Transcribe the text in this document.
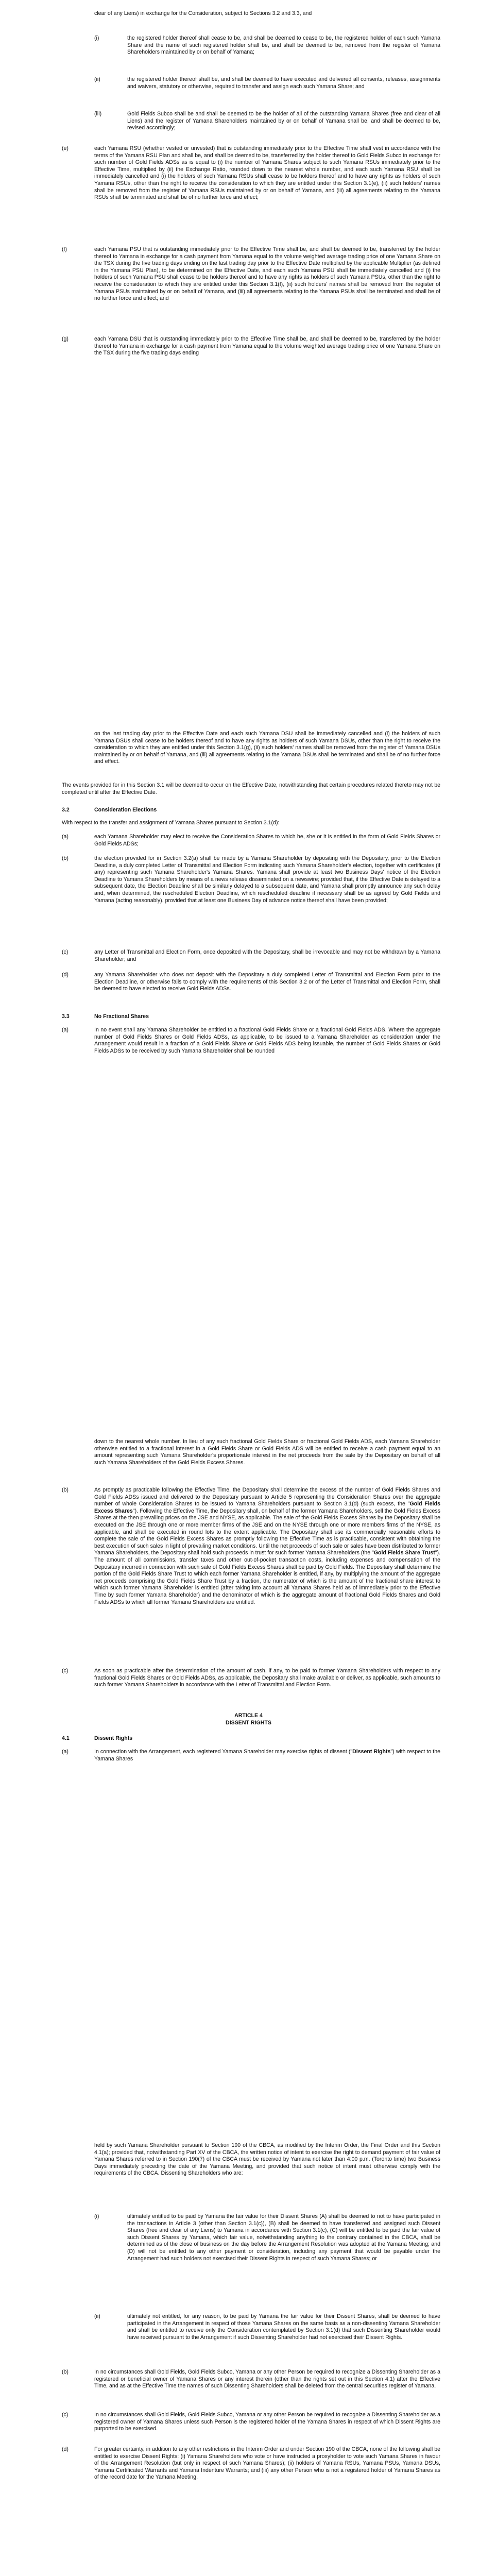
clear of any Liens) in exchange for the Consideration, subject to Sections 3.2 and 3.3, and
(i)	the registered holder thereof shall cease to be, and shall be deemed to cease to be, the registered holder of each such Yamana Share and the name of such registered holder shall be, and shall be deemed to be, removed from the register of Yamana Shareholders maintained by or on behalf of Yamana;
(ii)	the registered holder thereof shall be, and shall be deemed to have executed and delivered all consents, releases, assignments and waivers, statutory or otherwise, required to transfer and assign each such Yamana Share; and
(iii)	Gold Fields Subco shall be and shall be deemed to be the holder of all of the outstanding Yamana Shares (free and clear of all Liens) and the register of Yamana Shareholders maintained by or on behalf of Yamana shall be, and shall be deemed to be, revised accordingly;
(e)	each Yamana RSU (whether vested or unvested) that is outstanding immediately prior to the Effective Time shall vest in accordance with the terms of the Yamana RSU Plan and shall be, and shall be deemed to be, transferred by the holder thereof to Gold Fields Subco in exchange for such number of Gold Fields ADSs as is equal to (i) the number of Yamana Shares subject to such Yamana RSUs immediately prior to the Effective Time, multiplied by (ii) the Exchange Ratio, rounded down to the nearest whole number, and each such Yamana RSU shall be immediately cancelled and (i) the holders of such Yamana RSUs shall cease to be holders thereof and to have any rights as holders of such Yamana RSUs, other than the right to receive the consideration to which they are entitled under this Section 3.1(e), (ii) such holders' names shall be removed from the register of Yamana RSUs maintained by or on behalf of Yamana, and (iii) all agreements relating to the Yamana RSUs shall be terminated and shall be of no further force and effect;
(f)	each Yamana PSU that is outstanding immediately prior to the Effective Time shall be, and shall be deemed to be, transferred by the holder thereof to Yamana in exchange for a cash payment from Yamana equal to the volume weighted average trading price of one Yamana Share on the TSX during the five trading days ending on the last trading day prior to the Effective Date multiplied by the applicable Multiplier (as defined in the Yamana PSU Plan), to be determined on the Effective Date, and each such Yamana PSU shall be immediately cancelled and (i) the holders of such Yamana PSU shall cease to be holders thereof and to have any rights as holders of such Yamana PSUs, other than the right to receive the consideration to which they are entitled under this Section 3.1(f), (ii) such holders' names shall be removed from the register of Yamana PSUs maintained by or on behalf of Yamana, and (iii) all agreements relating to the Yamana PSUs shall be terminated and shall be of no further force and effect; and
(g)	each Yamana DSU that is outstanding immediately prior to the Effective Time shall be, and shall be deemed to be, transferred by the holder thereof to Yamana in exchange for a cash payment from Yamana equal to the volume weighted average trading price of one Yamana Share on the TSX during the five trading days ending
on the last trading day prior to the Effective Date and each such Yamana DSU shall be immediately cancelled and (i) the holders of such Yamana DSUs shall cease to be holders thereof and to have any rights as holders of such Yamana DSUs, other than the right to receive the consideration to which they are entitled under this Section 3.1(g), (ii) such holders' names shall be removed from the register of Yamana DSUs maintained by or on behalf of Yamana, and (iii) all agreements relating to the Yamana DSUs shall be terminated and shall be of no further force and effect.
The events provided for in this Section 3.1 will be deemed to occur on the Effective Date, notwithstanding that certain procedures related thereto may not be completed until after the Effective Date.
3.2	Consideration Elections
With respect to the transfer and assignment of Yamana Shares pursuant to Section 3.1(d):
(a)	each Yamana Shareholder may elect to receive the Consideration Shares to which he, she or it is entitled in the form of Gold Fields Shares or Gold Fields ADSs;
(b)	the election provided for in Section 3.2(a) shall be made by a Yamana Shareholder by depositing with the Depositary, prior to the Election Deadline, a duly completed Letter of Transmittal and Election Form indicating such Yamana Shareholder's election, together with certificates (if any) representing such Yamana Shareholder's Yamana Shares. Yamana shall provide at least two Business Days' notice of the Election Deadline to Yamana Shareholders by means of a news release disseminated on a newswire; provided that, if the Effective Date is delayed to a subsequent date, the Election Deadline shall be similarly delayed to a subsequent date, and Yamana shall promptly announce any such delay and, when determined, the rescheduled Election Deadline, which rescheduled deadline if necessary shall be as agreed by Gold Fields and Yamana (acting reasonably), provided that at least one Business Day of advance notice thereof shall have been provided;
(c)	any Letter of Transmittal and Election Form, once deposited with the Depositary, shall be irrevocable and may not be withdrawn by a Yamana Shareholder; and
(d)	any Yamana Shareholder who does not deposit with the Depositary a duly completed Letter of Transmittal and Election Form prior to the Election Deadline, or otherwise fails to comply with the requirements of this Section 3.2 or of the Letter of Transmittal and Election Form, shall be deemed to have elected to receive Gold Fields ADSs.
3.3	No Fractional Shares
(a)	In no event shall any Yamana Shareholder be entitled to a fractional Gold Fields Share or a fractional Gold Fields ADS. Where the aggregate number of Gold Fields Shares or Gold Fields ADSs, as applicable, to be issued to a Yamana Shareholder as consideration under the Arrangement would result in a fraction of a Gold Fields Share or Gold Fields ADS being issuable, the number of Gold Fields Shares or Gold Fields ADSs to be received by such Yamana Shareholder shall be rounded
down to the nearest whole number. In lieu of any such fractional Gold Fields Share or fractional Gold Fields ADS, each Yamana Shareholder otherwise entitled to a fractional interest in a Gold Fields Share or Gold Fields ADS will be entitled to receive a cash payment equal to an amount representing such Yamana Shareholder's proportionate interest in the net proceeds from the sale by the Depositary on behalf of all such Yamana Shareholders of the Gold Fields Excess Shares.
(b)	As promptly as practicable following the Effective Time, the Depositary shall determine the excess of the number of Gold Fields Shares and Gold Fields ADSs issued and delivered to the Depositary pursuant to Article 5 representing the Consideration Shares over the aggregate number of whole Consideration Shares to be issued to Yamana Shareholders pursuant to Section 3.1(d) (such excess, the "Gold Fields Excess Shares"). Following the Effective Time, the Depositary shall, on behalf of the former Yamana Shareholders, sell the Gold Fields Excess Shares at the then prevailing prices on the JSE and NYSE, as applicable. The sale of the Gold Fields Excess Shares by the Depositary shall be executed on the JSE through one or more member firms of the JSE and on the NYSE through one or more members firms of the NYSE, as applicable, and shall be executed in round lots to the extent applicable. The Depositary shall use its commercially reasonable efforts to complete the sale of the Gold Fields Excess Shares as promptly following the Effective Time as is practicable, consistent with obtaining the best execution of such sales in light of prevailing market conditions. Until the net proceeds of such sale or sales have been distributed to former Yamana Shareholders, the Depositary shall hold such proceeds in trust for such former Yamana Shareholders (the "Gold Fields Share Trust"). The amount of all commissions, transfer taxes and other out-of-pocket transaction costs, including expenses and compensation of the Depositary incurred in connection with such sale of Gold Fields Excess Shares shall be paid by Gold Fields. The Depositary shall determine the portion of the Gold Fields Share Trust to which each former Yamana Shareholder is entitled, if any, by multiplying the amount of the aggregate net proceeds comprising the Gold Fields Share Trust by a fraction, the numerator of which is the amount of the fractional share interest to which such former Yamana Shareholder is entitled (after taking into account all Yamana Shares held as of immediately prior to the Effective Time by such former Yamana Shareholder) and the denominator of which is the aggregate amount of fractional Gold Fields Shares and Gold Fields ADSs to which all former Yamana Shareholders are entitled.
(c)	As soon as practicable after the determination of the amount of cash, if any, to be paid to former Yamana Shareholders with respect to any fractional Gold Fields Shares or Gold Fields ADSs, as applicable, the Depositary shall make available or deliver, as applicable, such amounts to such former Yamana Shareholders in accordance with the Letter of Transmittal and Election Form.
ARTICLE 4
DISSENT RIGHTS
4.1	Dissent Rights
(a)	In connection with the Arrangement, each registered Yamana Shareholder may exercise rights of dissent ("Dissent Rights") with respect to the Yamana Shares
held by such Yamana Shareholder pursuant to Section 190 of the CBCA, as modified by the Interim Order, the Final Order and this Section 4.1(a); provided that, notwithstanding Part XV of the CBCA, the written notice of intent to exercise the right to demand payment of fair value of Yamana Shares referred to in Section 190(7) of the CBCA must be received by Yamana not later than 4:00 p.m. (Toronto time) two Business Days immediately preceding the date of the Yamana Meeting, and provided that such notice of intent must otherwise comply with the requirements of the CBCA. Dissenting Shareholders who are:
(i)	ultimately entitled to be paid by Yamana the fair value for their Dissent Shares (A) shall be deemed to not to have participated in the transactions in Article 3 (other than Section 3.1(c)), (B) shall be deemed to have transferred and assigned such Dissent Shares (free and clear of any Liens) to Yamana in accordance with Section 3.1(c), (C) will be entitled to be paid the fair value of such Dissent Shares by Yamana, which fair value, notwithstanding anything to the contrary contained in the CBCA, shall be determined as of the close of business on the day before the Arrangement Resolution was adopted at the Yamana Meeting; and (D) will not be entitled to any other payment or consideration, including any payment that would be payable under the Arrangement had such holders not exercised their Dissent Rights in respect of such Yamana Shares; or
(ii)	ultimately not entitled, for any reason, to be paid by Yamana the fair value for their Dissent Shares, shall be deemed to have participated in the Arrangement in respect of those Yamana Shares on the same basis as a non-dissenting Yamana Shareholder and shall be entitled to receive only the Consideration contemplated by Section 3.1(d) that such Dissenting Shareholder would have received pursuant to the Arrangement if such Dissenting Shareholder had not exercised their Dissent Rights.
(b)	In no circumstances shall Gold Fields, Gold Fields Subco, Yamana or any other Person be required to recognize a Dissenting Shareholder as a registered or beneficial owner of Yamana Shares or any interest therein (other than the rights set out in this Section 4.1) after the Effective Time, and as at the Effective Time the names of such Dissenting Shareholders shall be deleted from the central securities register of Yamana.
(c)	In no circumstances shall Gold Fields, Gold Fields Subco, Yamana or any other Person be required to recognize a Dissenting Shareholder as a registered owner of Yamana Shares unless such Person is the registered holder of the Yamana Shares in respect of which Dissent Rights are purported to be exercised.
(d)	For greater certainty, in addition to any other restrictions in the Interim Order and under Section 190 of the CBCA, none of the following shall be entitled to exercise Dissent Rights: (i) Yamana Shareholders who vote or have instructed a proxyholder to vote such Yamana Shares in favour of the Arrangement Resolution (but only in respect of such Yamana Shares); (ii) holders of Yamana RSUs, Yamana PSUs, Yamana DSUs, Yamana Certificated Warrants and Yamana Indenture Warrants; and (iii) any other Person who is not a registered holder of Yamana Shares as of the record date for the Yamana Meeting.
